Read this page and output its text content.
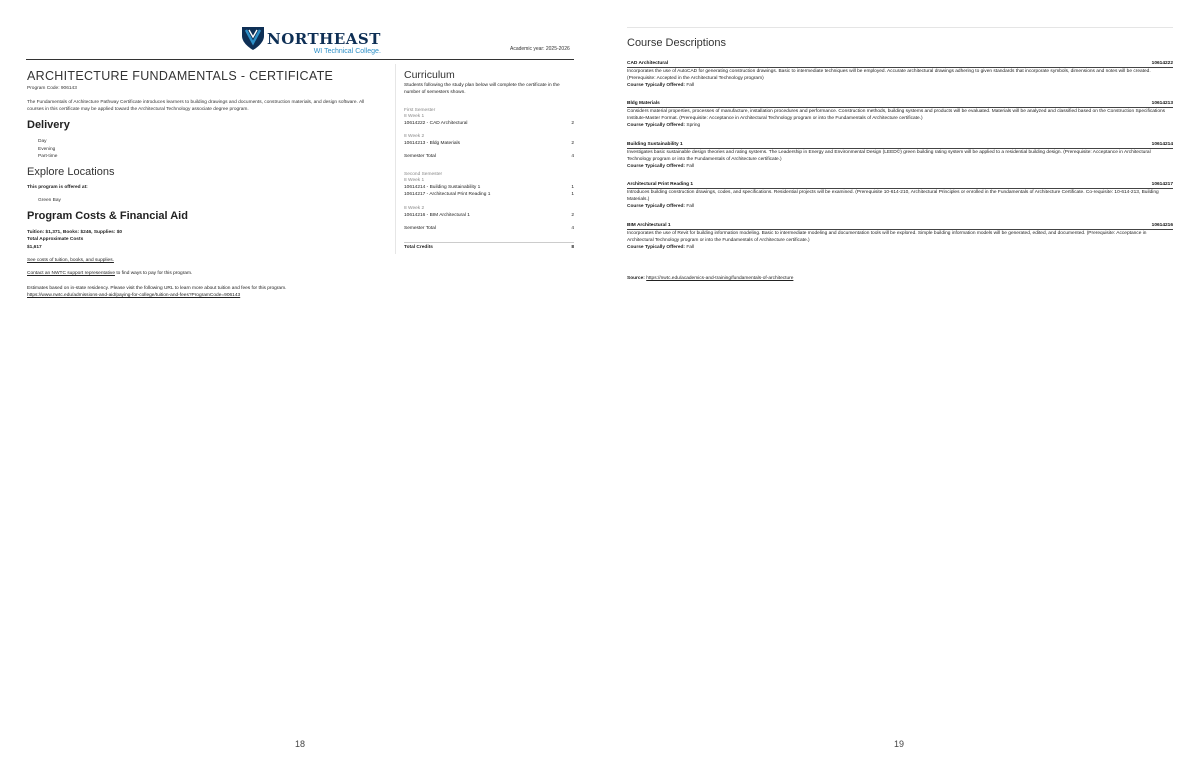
NORTHEAST
WI Technical College.	Academic year: 2025-2026
ARCHITECTURE FUNDAMENTALS - CERTIFICATE
Program Code: 906143
The Fundamentals of Architecture Pathway Certificate introduces learners to building drawings and documents, construction materials, and design software. All courses in this certificate may be applied toward the Architectural Technology associate degree program.
Delivery
Day
Evening
Part-time
Explore Locations
This program is offered at:
Green Bay
Program Costs & Financial Aid
Tuition: $1,371, Books: $246, Supplies: $0
Total Approximate Costs
$1,617
See costs of tuition, books, and supplies.
Contact an NWTC support representative to find ways to pay for this program.
Estimates based on in-state residency. Please visit the following URL to learn more about tuition and fees for this program.
https://www.nwtc.edu/admissions-and-aid/paying-for-college/tuition-and-fees?ProgramCode=906143
Curriculum
Students following the study plan below will complete the certificate in the number of semesters shown.
First Semester
8 Week 1
10614222 - CAD Architectural	2
8 Week 2
10614213 - Bldg Materials	2
Semester Total	4
Second Semester
8 Week 1
10614214 - Building Sustainability 1	1
10614217 - Architectural Print Reading 1	1
8 Week 2
10614216 - BIM Architectural 1	2
Semester Total	4
Total Credits	8
18
Course Descriptions
CAD Architectural	10614222
Incorporates the use of AutoCAD for generating construction drawings. Basic to intermediate techniques will be employed. Accurate architectural drawings adhering to given standards that incorporate symbols, dimensions and notes will be created. (Prerequisite: Accepted in the Architectural Technology program)
Course Typically Offered: Fall
Bldg Materials	10614213
Considers material properties, processes of manufacture, installation procedures and performance. Construction methods, building systems and products will be evaluated. Materials will be analyzed and classified based on the Construction Specifications Institute-Master Format. (Prerequisite: Acceptance in Architectural Technology program or into the Fundamentals of Architecture certificate.)
Course Typically Offered: Spring
Building Sustainability 1	10614214
Investigates basic sustainable design theories and rating systems. The Leadership in Energy and Environmental Design (LEED©) green building rating system will be applied to a residential building design. (Prerequisite: Acceptance in Architectural Technology program or into the Fundamentals of Architecture certificate.)
Course Typically Offered: Fall
Architectural Print Reading 1	10614217
Introduces building construction drawings, codes, and specifications. Residential projects will be examined. (Prerequisite 10-614-210, Architectural Principles or enrolled in the Fundamentals of Architecture Certificate. Co-requisite: 10-614-213, Building Materials.)
Course Typically Offered: Fall
BIM Architectural 1	10614216
Incorporates the use of Revit for building information modeling. Basic to intermediate modeling and documentation tools will be explored. Simple building information models will be generated, edited, and documented. (Prerequisite: Acceptance in Architectural Technology program or into the Fundamentals of Architecture certificate.)
Course Typically Offered: Fall
Source: https://nwtc.edu/academics-and-training/fundamentals-of-architecture
19
